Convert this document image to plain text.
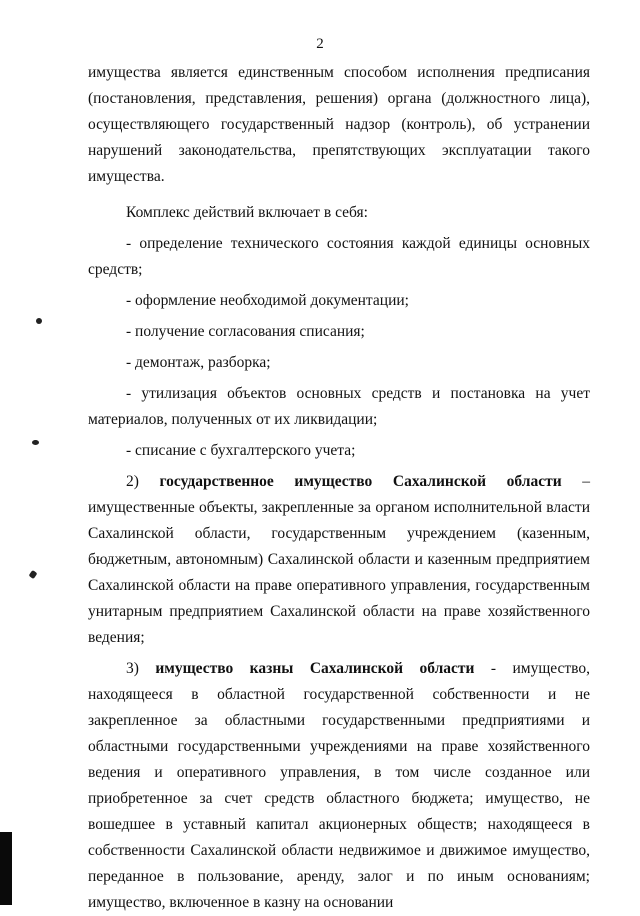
2

имущества является единственным способом исполнения предписания (постановления, представления, решения) органа (должностного лица), осуществляющего государственный надзор (контроль), об устранении нарушений законодательства, препятствующих эксплуатации такого имущества.

Комплекс действий включает в себя:

- определение технического состояния каждой единицы основных средств;

- оформление необходимой документации;

- получение согласования списания;

- демонтаж, разборка;

- утилизация объектов основных средств и постановка на учет материалов, полученных от их ликвидации;

- списание с бухгалтерского учета;

2) государственное имущество Сахалинской области – имущественные объекты, закрепленные за органом исполнительной власти Сахалинской области, государственным учреждением (казенным, бюджетным, автономным) Сахалинской области и казенным предприятием Сахалинской области на праве оперативного управления, государственным унитарным предприятием Сахалинской области на праве хозяйственного ведения;

3) имущество казны Сахалинской области - имущество, находящееся в областной государственной собственности и не закрепленное за областными государственными предприятиями и областными государственными учреждениями на праве хозяйственного ведения и оперативного управления, в том числе созданное или приобретенное за счет средств областного бюджета; имущество, не вошедшее в уставный капитал акционерных обществ; находящееся в собственности Сахалинской области недвижимое и движимое имущество, переданное в пользование, аренду, залог и по иным основаниям; имущество, включенное в казну на основании
